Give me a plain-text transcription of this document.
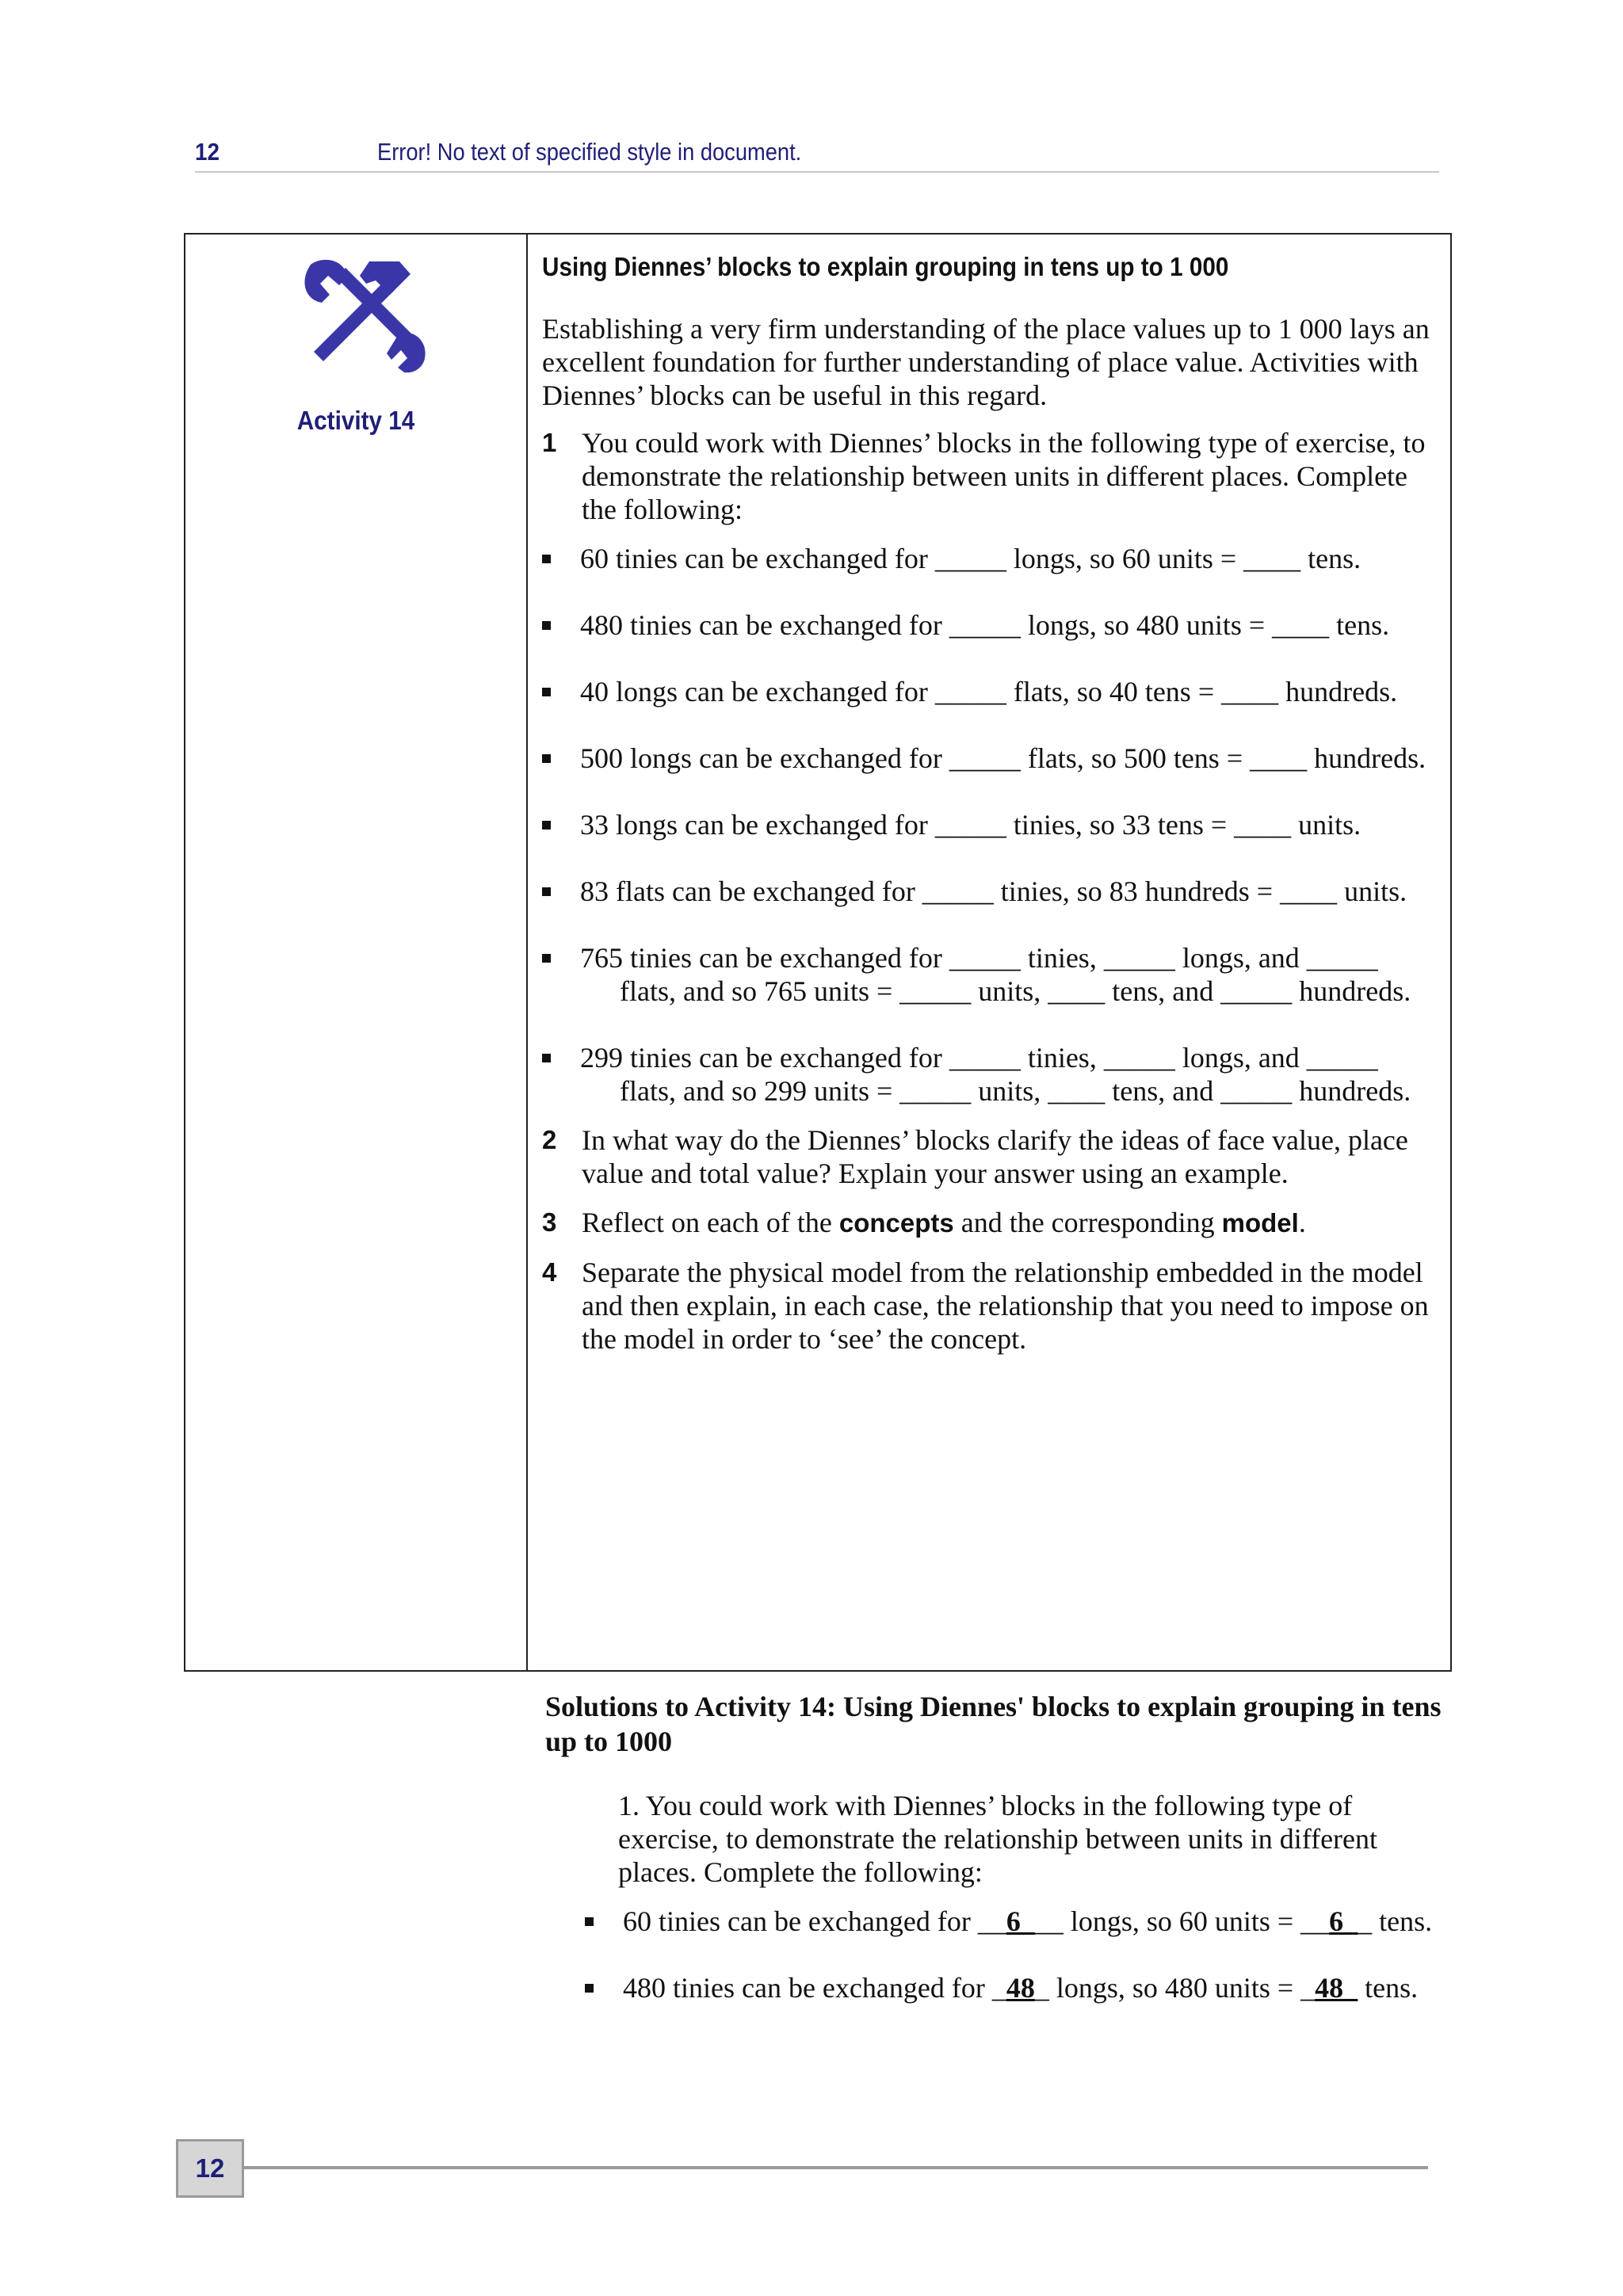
12	Error! No text of specified style in document.
Activity 14
Using Diennes’ blocks to explain grouping in tens up to 1 000

Establishing a very firm understanding of the place values up to 1 000 lays an excellent foundation for further understanding of place value. Activities with Diennes’ blocks can be useful in this regard.

1 You could work with Diennes’ blocks in the following type of exercise, to demonstrate the relationship between units in different places. Complete the following:
60 tinies can be exchanged for _____ longs, so 60 units = ____ tens.
480 tinies can be exchanged for _____ longs, so 480 units = ____ tens.
40 longs can be exchanged for _____ flats, so 40 tens = ____ hundreds.
500 longs can be exchanged for _____ flats, so 500 tens = ____ hundreds.
33 longs can be exchanged for _____ tinies, so 33 tens = ____ units.
83 flats can be exchanged for _____ tinies, so 83 hundreds = ____ units.
765 tinies can be exchanged for _____ tinies, _____ longs, and _____ flats, and so 765 units = _____ units, ____ tens, and _____ hundreds.
299 tinies can be exchanged for _____ tinies, _____ longs, and _____ flats, and so 299 units = _____ units, ____ tens, and _____ hundreds.
2 In what way do the Diennes’ blocks clarify the ideas of face value, place value and total value? Explain your answer using an example.
3 Reflect on each of the concepts and the corresponding model.
4 Separate the physical model from the relationship embedded in the model and then explain, in each case, the relationship that you need to impose on the model in order to ‘see’ the concept.
Solutions to Activity 14: Using Diennes' blocks to explain grouping in tens up to 1000

1. You could work with Diennes’ blocks in the following type of exercise, to demonstrate the relationship between units in different places. Complete the following:

60 tinies can be exchanged for __6___ longs, so 60 units = __6__ tens.
480 tinies can be exchanged for _48_ longs, so 480 units = _48_ tens.
12
